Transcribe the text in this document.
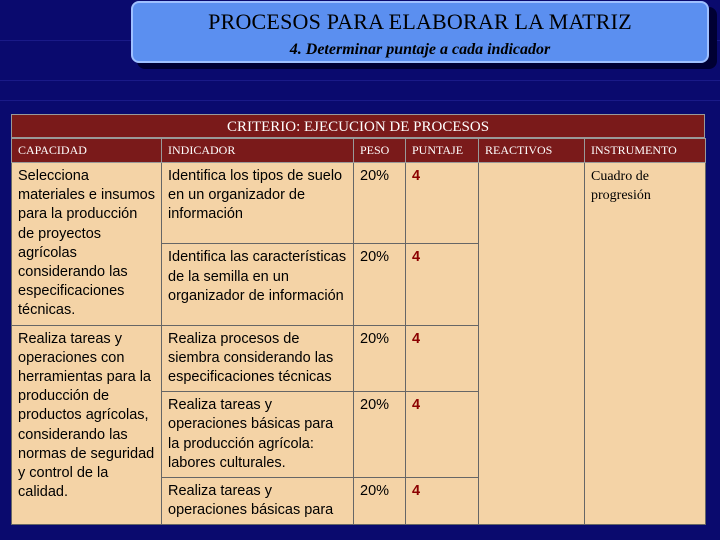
PROCESOS PARA ELABORAR LA MATRIZ
4. Determinar puntaje a cada indicador
CRITERIO: EJECUCION DE PROCESOS
CAPACIDAD	INDICADOR	PESO	PUNTAJE	REACTIVOS	INSTRUMENTO
Selecciona materiales e insumos para la producción de proyectos agrícolas considerando las especificaciones técnicas.	Identifica los tipos de suelo en un organizador de información	20%	4		Cuadro de progresión
	Identifica las características de la semilla en un organizador de información	20%	4		
Realiza tareas y operaciones con herramientas para la producción de productos agrícolas, considerando las normas de seguridad y control de la calidad.	Realiza procesos de siembra considerando las especificaciones técnicas	20%	4		
	Realiza tareas y operaciones básicas para la producción agrícola: labores culturales.	20%	4		
	Realiza tareas y operaciones básicas para	20%	4		
